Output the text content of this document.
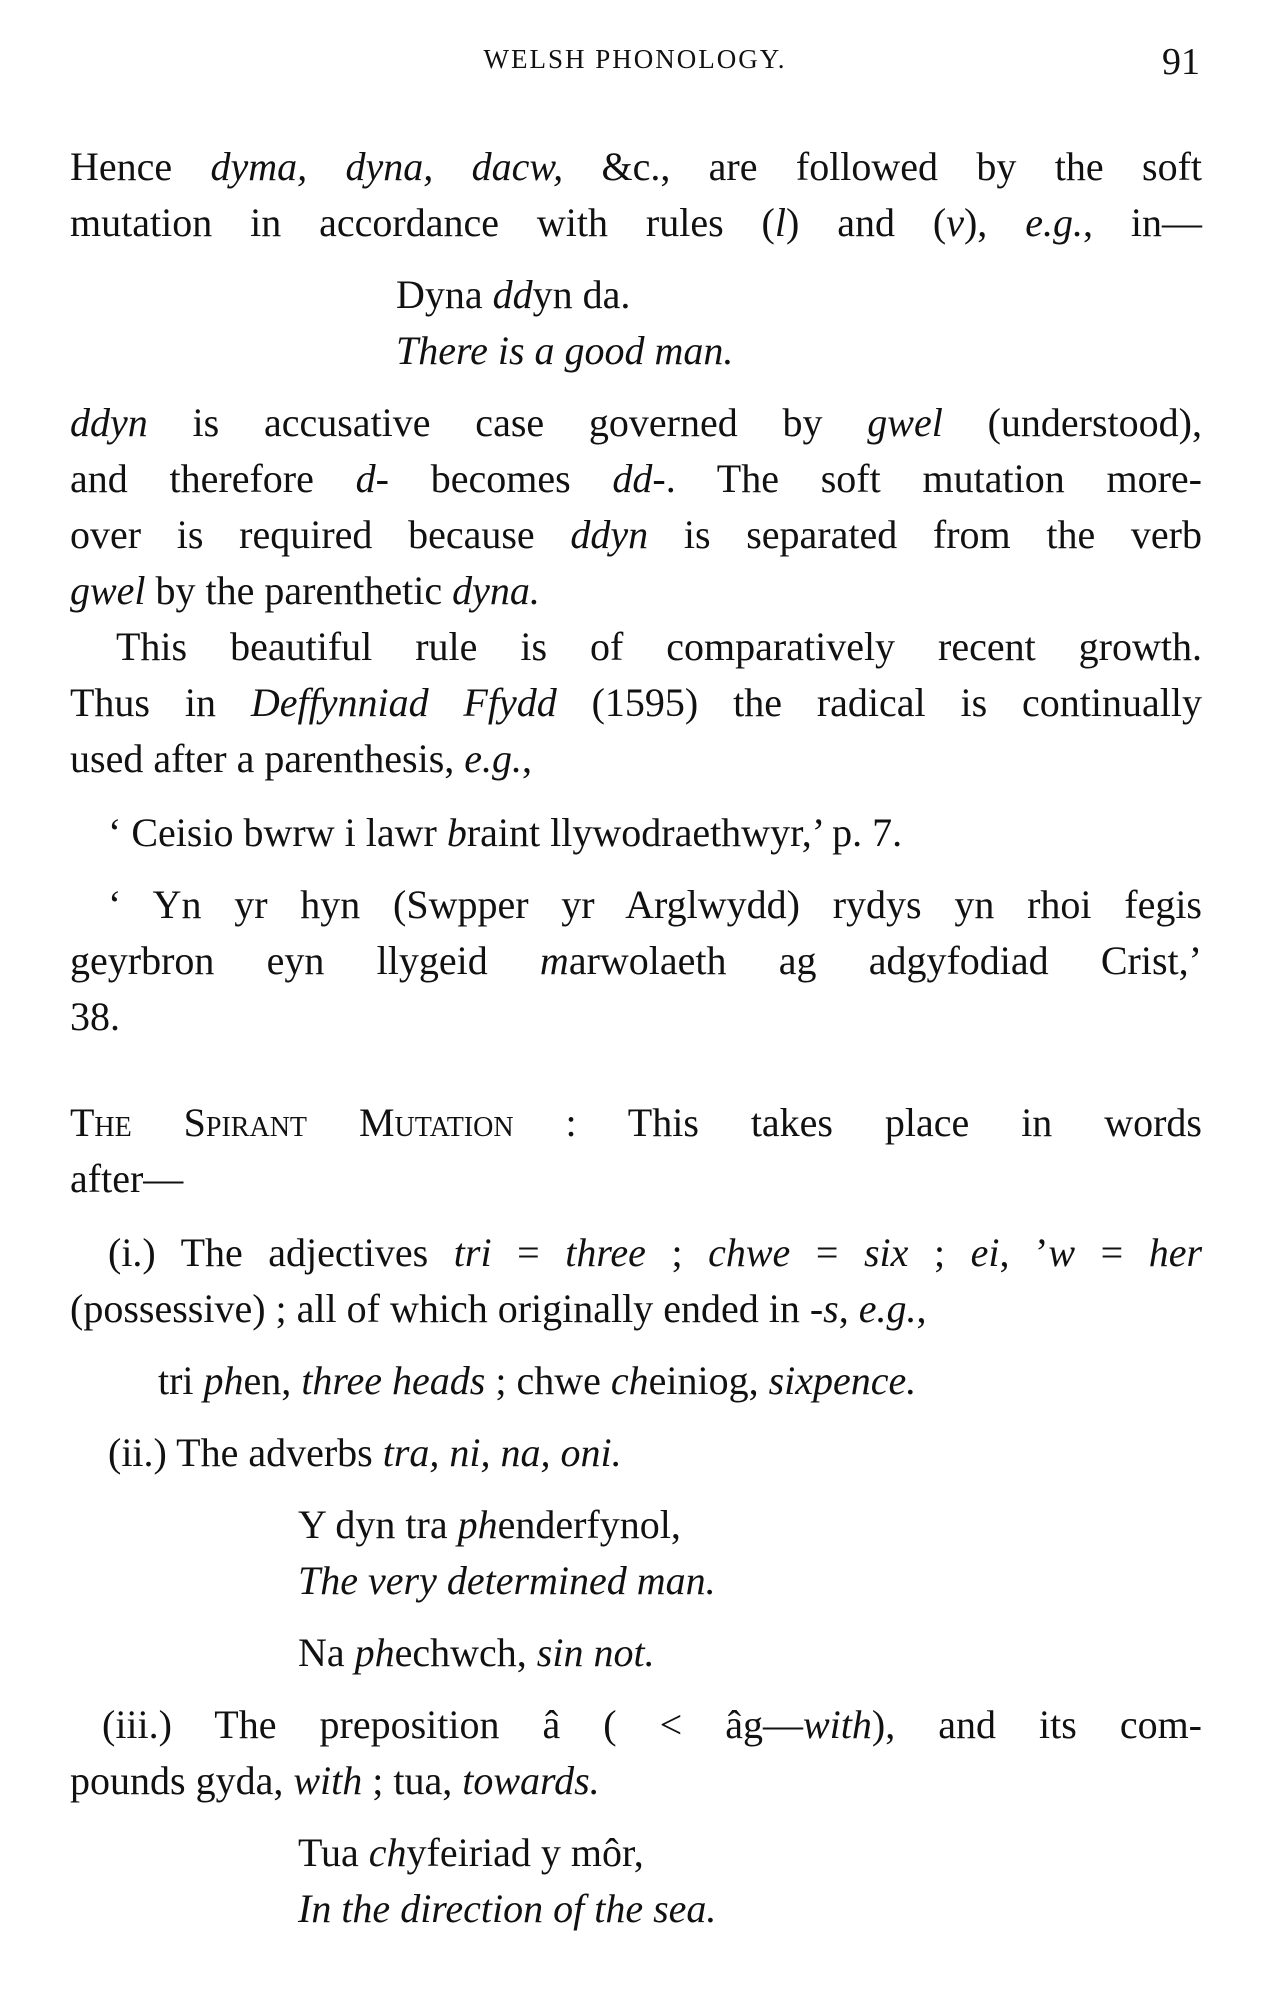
WELSH PHONOLOGY.	91
Hence dyma, dyna, dacw, &c., are followed by the soft
mutation in accordance with rules (l) and (v), e.g., in—
Dyna ddyn da.
There is a good man.
ddyn is accusative case governed by gwel (understood),
and therefore d- becomes dd-. The soft mutation more-
over is required because ddyn is separated from the verb
gwel by the parenthetic dyna.
This beautiful rule is of comparatively recent growth.
Thus in Deffynniad Ffydd (1595) the radical is continually
used after a parenthesis, e.g.,
‘ Ceisio bwrw i lawr braint llywodraethwyr,’ p. 7.
‘ Yn yr hyn (Swpper yr Arglwydd) rydys yn rhoi fegis
geyrbron eyn llygeid marwolaeth ag adgyfodiad Crist,’
38.
The Spirant Mutation : This takes place in words
after—
(i.) The adjectives tri = three ; chwe = six ; ei, ’w = her
(possessive) ; all of which originally ended in -s, e.g.,
tri phen, three heads ; chwe cheiniog, sixpence.
(ii.) The adverbs tra, ni, na, oni.
Y dyn tra phenderfynol,
The very determined man.
Na phechwch, sin not.
(iii.) The preposition â ( < âg—with), and its com-
pounds gyda, with ; tua, towards.
Tua chyfeiriad y môr,
In the direction of the sea.
